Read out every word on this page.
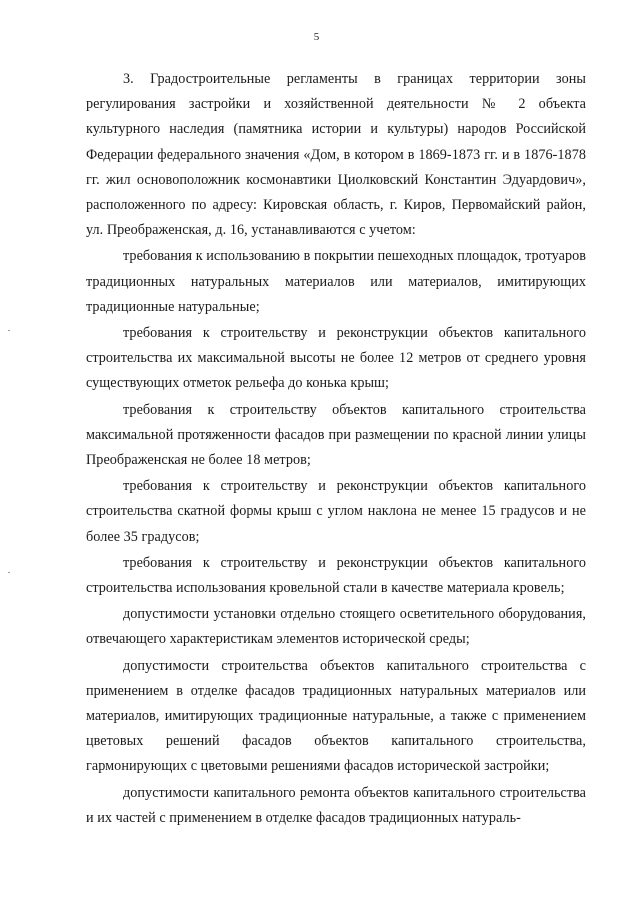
5

3. Градостроительные регламенты в границах территории зоны регулирования застройки и хозяйственной деятельности № 2 объекта культурного наследия (памятника истории и культуры) народов Российской Федерации федерального значения «Дом, в котором в 1869-1873 гг. и в 1876-1878 гг. жил основоположник космонавтики Циолковский Константин Эдуардович», расположенного по адресу: Кировская область, г. Киров, Первомайский район, ул. Преображенская, д. 16, устанавливаются с учетом:

требования к использованию в покрытии пешеходных площадок, тротуаров традиционных натуральных материалов или материалов, имитирующих традиционные натуральные;

требования к строительству и реконструкции объектов капитального строительства их максимальной высоты не более 12 метров от среднего уровня существующих отметок рельефа до конька крыш;

требования к строительству объектов капитального строительства максимальной протяженности фасадов при размещении по красной линии улицы Преображенская не более 18 метров;

требования к строительству и реконструкции объектов капитального строительства скатной формы крыш с углом наклона не менее 15 градусов и не более 35 градусов;

требования к строительству и реконструкции объектов капитального строительства использования кровельной стали в качестве материала кровель;

допустимости установки отдельно стоящего осветительного оборудования, отвечающего характеристикам элементов исторической среды;

допустимости строительства объектов капитального строительства с применением в отделке фасадов традиционных натуральных материалов или материалов, имитирующих традиционные натуральные, а также с применением цветовых решений фасадов объектов капитального строительства, гармонирующих с цветовыми решениями фасадов исторической застройки;

допустимости капитального ремонта объектов капитального строительства и их частей с применением в отделке фасадов традиционных натураль-
